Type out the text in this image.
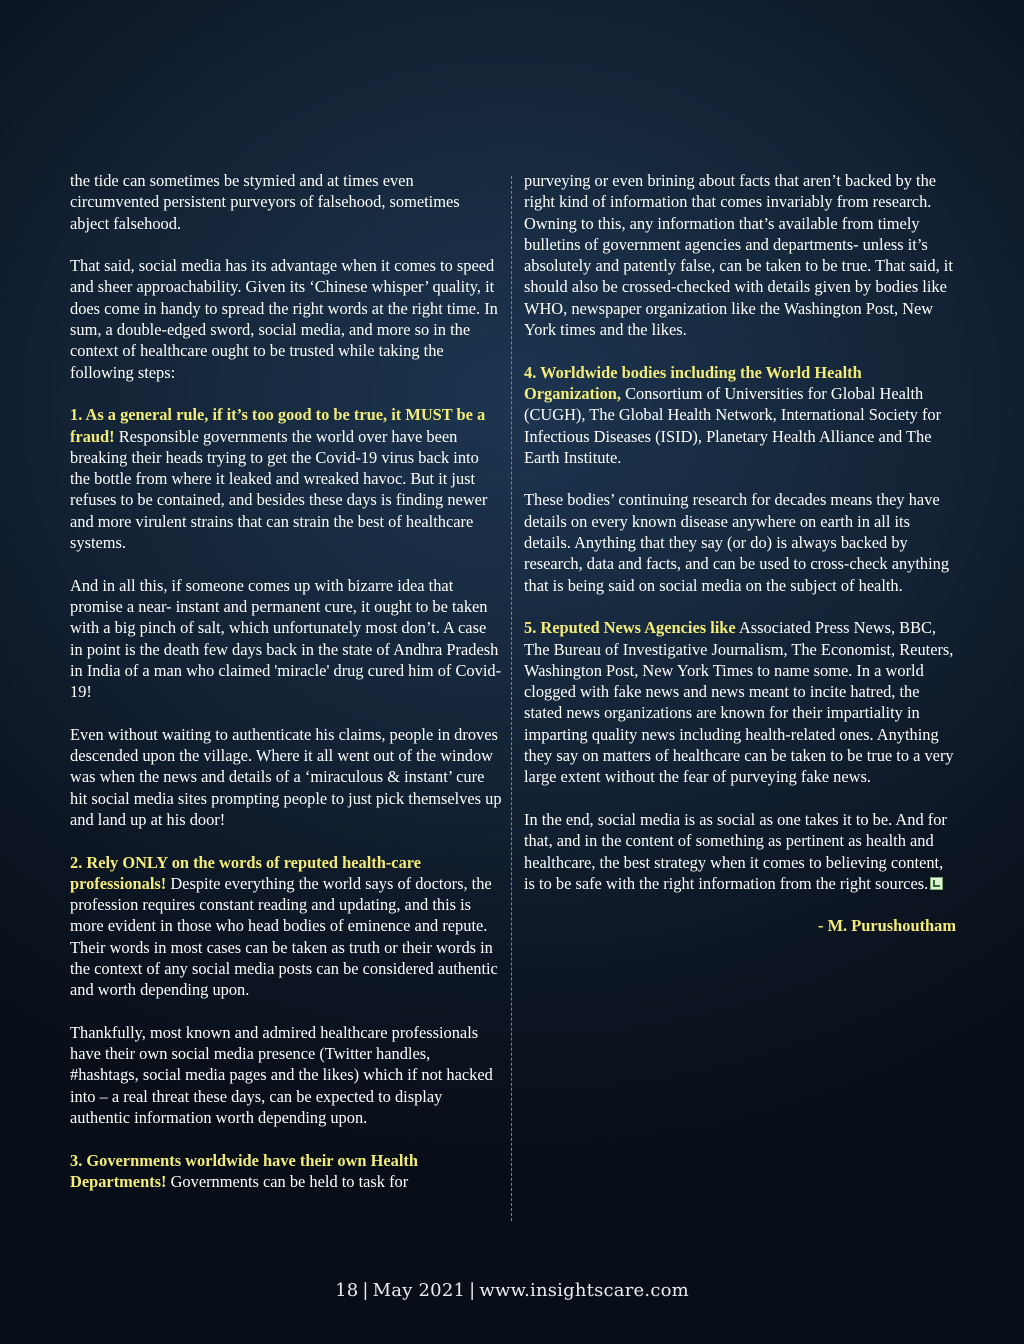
the tide can sometimes be stymied and at times even circumvented persistent purveyors of falsehood, sometimes abject falsehood.

That said, social media has its advantage when it comes to speed and sheer approachability. Given its ‘Chinese whisper’ quality, it does come in handy to spread the right words at the right time. In sum, a double-edged sword, social media, and more so in the context of healthcare ought to be trusted while taking the following steps:

1. As a general rule, if it’s too good to be true, it MUST be a fraud! Responsible governments the world over have been breaking their heads trying to get the Covid-19 virus back into the bottle from where it leaked and wreaked havoc. But it just refuses to be contained, and besides these days is finding newer and more virulent strains that can strain the best of healthcare systems.

And in all this, if someone comes up with bizarre idea that promise a near- instant and permanent cure, it ought to be taken with a big pinch of salt, which unfortunately most don’t. A case in point is the death few days back in the state of Andhra Pradesh in India of a man who claimed 'miracle' drug cured him of Covid-19!

Even without waiting to authenticate his claims, people in droves descended upon the village. Where it all went out of the window was when the news and details of a ‘miraculous & instant’ cure hit social media sites prompting people to just pick themselves up and land up at his door!

2. Rely ONLY on the words of reputed health-care professionals! Despite everything the world says of doctors, the profession requires constant reading and updating, and this is more evident in those who head bodies of eminence and repute. Their words in most cases can be taken as truth or their words in the context of any social media posts can be considered authentic and worth depending upon.

Thankfully, most known and admired healthcare professionals have their own social media presence (Twitter handles, #hashtags, social media pages and the likes) which if not hacked into – a real threat these days, can be expected to display authentic information worth depending upon.

3. Governments worldwide have their own Health Departments! Governments can be held to task for

purveying or even brining about facts that aren’t backed by the right kind of information that comes invariably from research.

Owning to this, any information that’s available from timely bulletins of government agencies and departments- unless it’s absolutely and patently false, can be taken to be true. That said, it should also be crossed-checked with details given by bodies like WHO, newspaper organization like the Washington Post, New York times and the likes.

4. Worldwide bodies including the World Health Organization, Consortium of Universities for Global Health (CUGH), The Global Health Network, International Society for Infectious Diseases (ISID), Planetary Health Alliance and The Earth Institute.

These bodies’ continuing research for decades means they have details on every known disease anywhere on earth in all its details. Anything that they say (or do) is always backed by research, data and facts, and can be used to cross-check anything that is being said on social media on the subject of health.

5. Reputed News Agencies like Associated Press News, BBC, The Bureau of Investigative Journalism, The Economist, Reuters, Washington Post, New York Times to name some. In a world clogged with fake news and news meant to incite hatred, the stated news organizations are known for their impartiality in imparting quality news including health-related ones. Anything they say on matters of healthcare can be taken to be true to a very large extent without the fear of purveying fake news.

In the end, social media is as social as one takes it to be. And for that, and in the content of something as pertinent as health and healthcare, the best strategy when it comes to believing content, is to be safe with the right information from the right sources.

- M. Purushoutham
18 | May 2021 | www.insightscare.com
